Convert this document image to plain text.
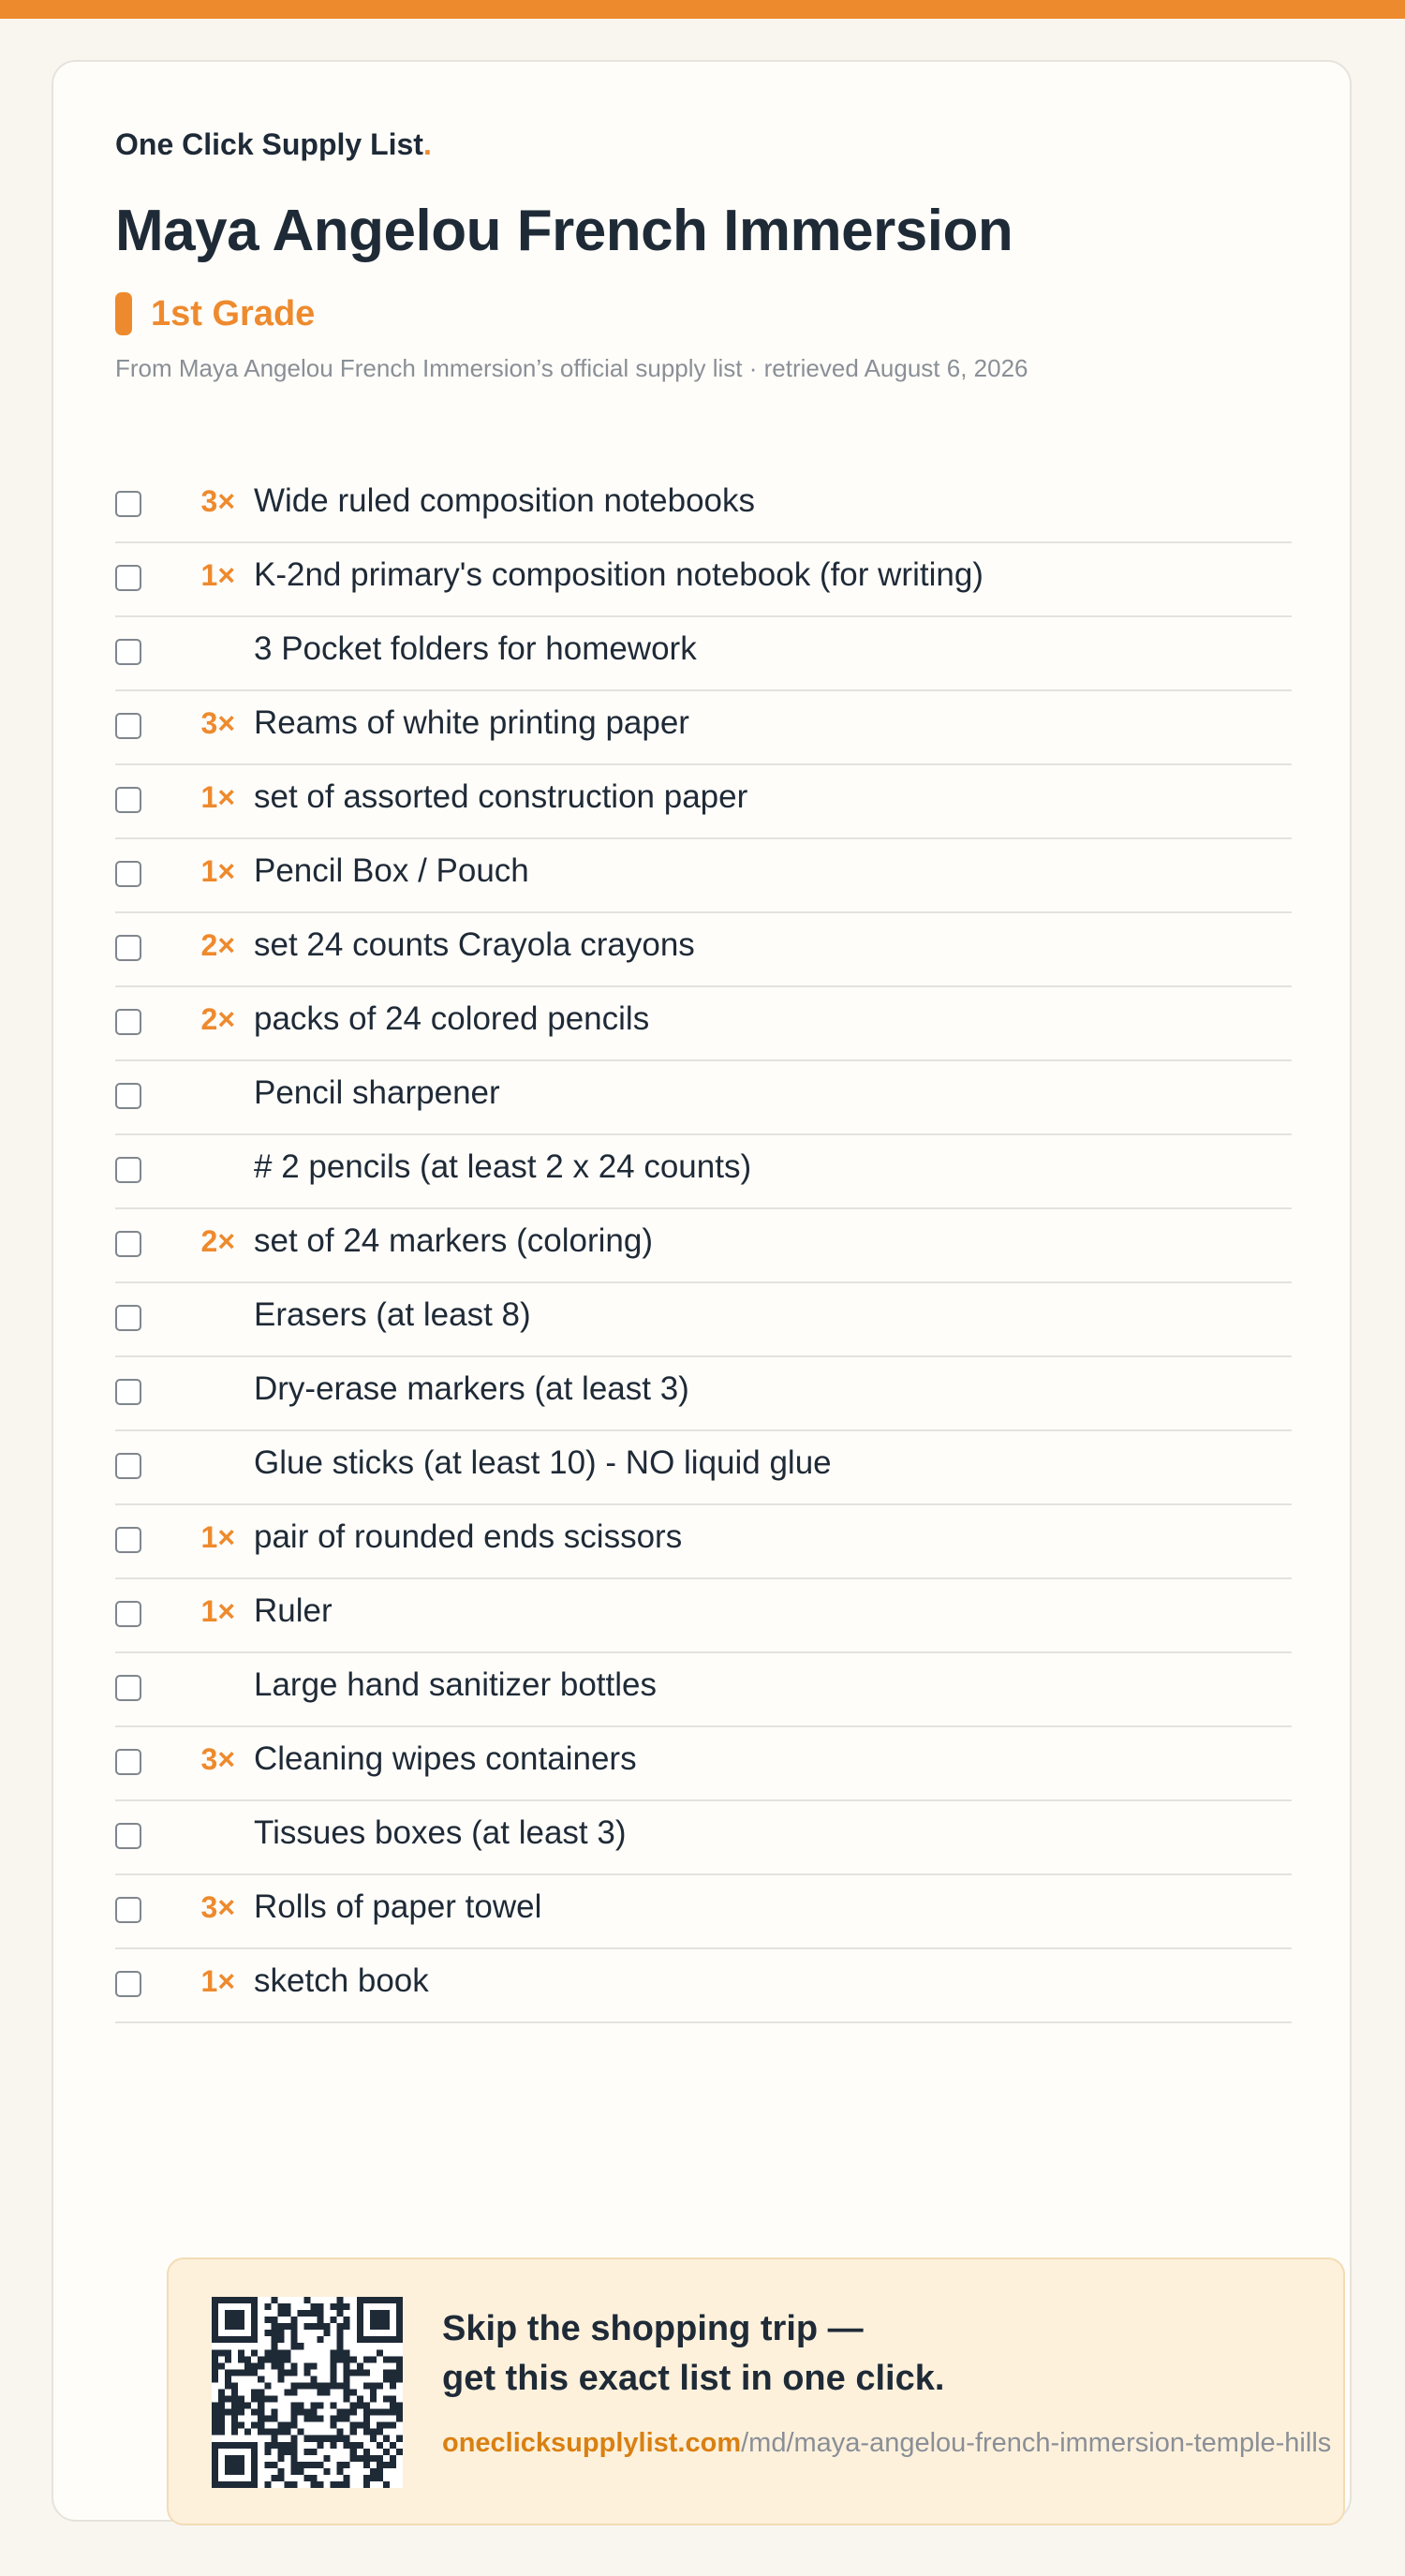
One Click Supply List.
Maya Angelou French Immersion
1st Grade
From Maya Angelou French Immersion’s official supply list · retrieved August 6, 2026
3× Wide ruled composition notebooks
1× K-2nd primary's composition notebook (for writing)
3 Pocket folders for homework
3× Reams of white printing paper
1× set of assorted construction paper
1× Pencil Box / Pouch
2× set 24 counts Crayola crayons
2× packs of 24 colored pencils
Pencil sharpener
# 2 pencils (at least 2 x 24 counts)
2× set of 24 markers (coloring)
Erasers (at least 8)
Dry-erase markers (at least 3)
Glue sticks (at least 10) - NO liquid glue
1× pair of rounded ends scissors
1× Ruler
Large hand sanitizer bottles
3× Cleaning wipes containers
Tissues boxes (at least 3)
3× Rolls of paper towel
1× sketch book
Skip the shopping trip —
get this exact list in one click.
oneclicksupplylist.com/md/maya-angelou-french-immersion-temple-hills
